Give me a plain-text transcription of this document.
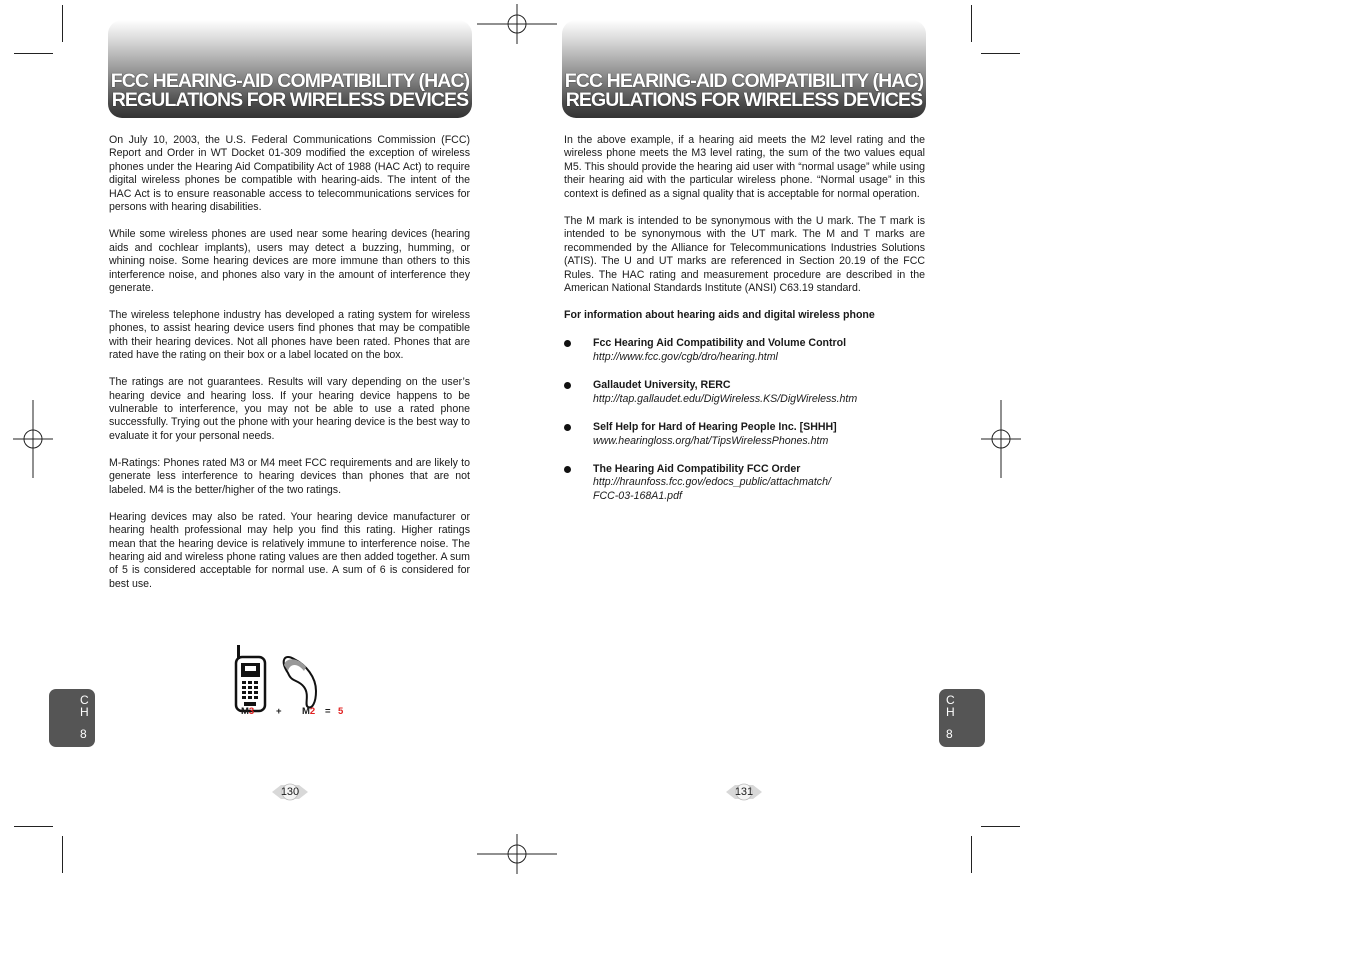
FCC HEARING-AID COMPATIBILITY (HAC)
REGULATIONS FOR WIRELESS DEVICES

On July 10, 2003, the U.S. Federal Communications Commission (FCC) Report and Order in WT Docket 01-309 modified the exception of wireless phones under the Hearing Aid Compatibility Act of 1988 (HAC Act) to require digital wireless phones be compatible with hearing-aids. The intent of the HAC Act is to ensure reasonable access to telecommunications services for persons with hearing disabilities.

While some wireless phones are used near some hearing devices (hearing aids and cochlear implants), users may detect a buzzing, humming, or whining noise. Some hearing devices are more immune than others to this interference noise, and phones also vary in the amount of interference they generate.

The wireless telephone industry has developed a rating system for wireless phones, to assist hearing device users find phones that may be compatible with their hearing devices. Not all phones have been rated. Phones that are rated have the rating on their box or a label located on the box.

The ratings are not guarantees. Results will vary depending on the user’s hearing device and hearing loss. If your hearing device happens to be vulnerable to interference, you may not be able to use a rated phone successfully. Trying out the phone with your hearing device is the best way to evaluate it for your personal needs.

M-Ratings: Phones rated M3 or M4 meet FCC requirements and are likely to generate less interference to hearing devices than phones that are not labeled. M4 is the better/higher of the two ratings.

Hearing devices may also be rated. Your hearing device manufacturer or hearing health professional may help you find this rating. Higher ratings mean that the hearing device is relatively immune to interference noise. The hearing aid and wireless phone rating values are then added together. A sum of 5 is considered acceptable for normal use. A sum of 6 is considered for best use.

M3 + M2 = 5
C
H
8
130
FCC HEARING-AID COMPATIBILITY (HAC)
REGULATIONS FOR WIRELESS DEVICES

In the above example, if a hearing aid meets the M2 level rating and the wireless phone meets the M3 level rating, the sum of the two values equal M5. This should provide the hearing aid user with “normal usage” while using their hearing aid with the particular wireless phone. “Normal usage” in this context is defined as a signal quality that is acceptable for normal operation.

The M mark is intended to be synonymous with the U mark. The T mark is intended to be synonymous with the UT mark. The M and T marks are recommended by the Alliance for Telecommunications Industries Solutions (ATIS). The U and UT marks are referenced in Section 20.19 of the FCC Rules. The HAC rating and measurement procedure are described in the American National Standards Institute (ANSI) C63.19 standard.

For information about hearing aids and digital wireless phone

Fcc Hearing Aid Compatibility and Volume Control
http://www.fcc.gov/cgb/dro/hearing.html
Gallaudet University, RERC
http://tap.gallaudet.edu/DigWireless.KS/DigWireless.htm
Self Help for Hard of Hearing People Inc. [SHHH]
www.hearingloss.org/hat/TipsWirelessPhones.htm
The Hearing Aid Compatibility FCC Order
http://hraunfoss.fcc.gov/edocs_public/attachmatch/
FCC-03-168A1.pdf
C
H
8
131
